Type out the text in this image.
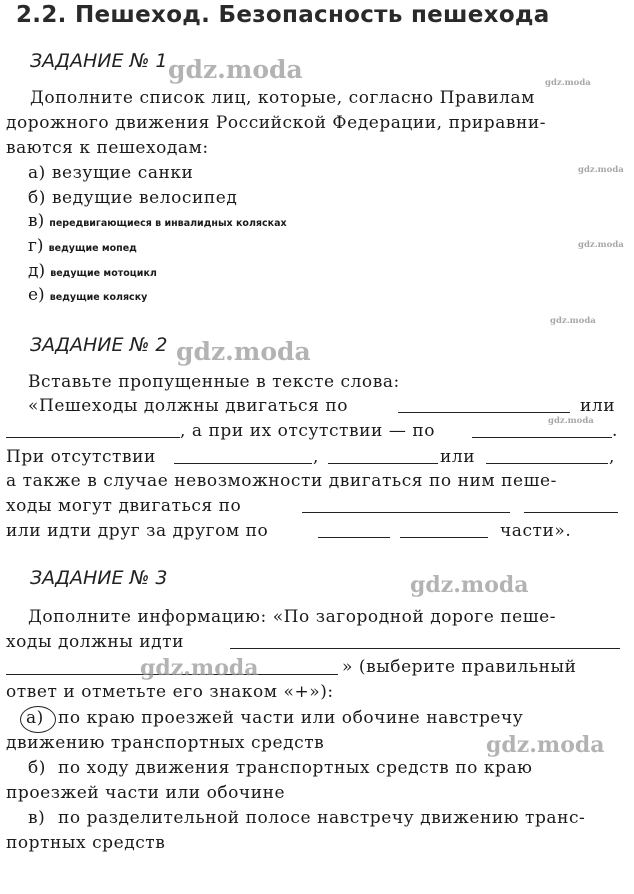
2.2. Пешеход. Безопасность пешехода
ЗАДАНИЕ № 1 gdz.moda	gdz.moda
Дополните список лиц, которые, согласно Правилам
дорожного движения Российской Федерации, приравни-
ваются к пешеходам:
gdz.moda
а) везущие санки
б) ведущие велосипед
в) передвигающиеся в инвалидных колясках
г) ведущие мопед	gdz.moda
д) ведущие мотоцикл
е) ведущие коляску
gdz.moda
ЗАДАНИЕ № 2 gdz.moda
Вставьте пропущенные в тексте слова:
«Пешеходы должны двигаться по	или
gdz.moda
, а при их отсутствии — по	.
При отсутствии	,	или	,
а также в случае невозможности двигаться по ним пеше-
ходы могут двигаться по
или идти друг за другом по	части».
ЗАДАНИЕ № 3	gdz.moda
Дополните информацию: «По загородной дороге пеше-
ходы должны идти
gdz.moda	» (выберите правильный
ответ и отметьте его знаком «+»):
а) по краю проезжей части или обочине навстречу
движению транспортных средств	gdz.moda
б) по ходу движения транспортных средств по краю
проезжей части или обочине
в) по разделительной полосе навстречу движению транс-
портных средств
